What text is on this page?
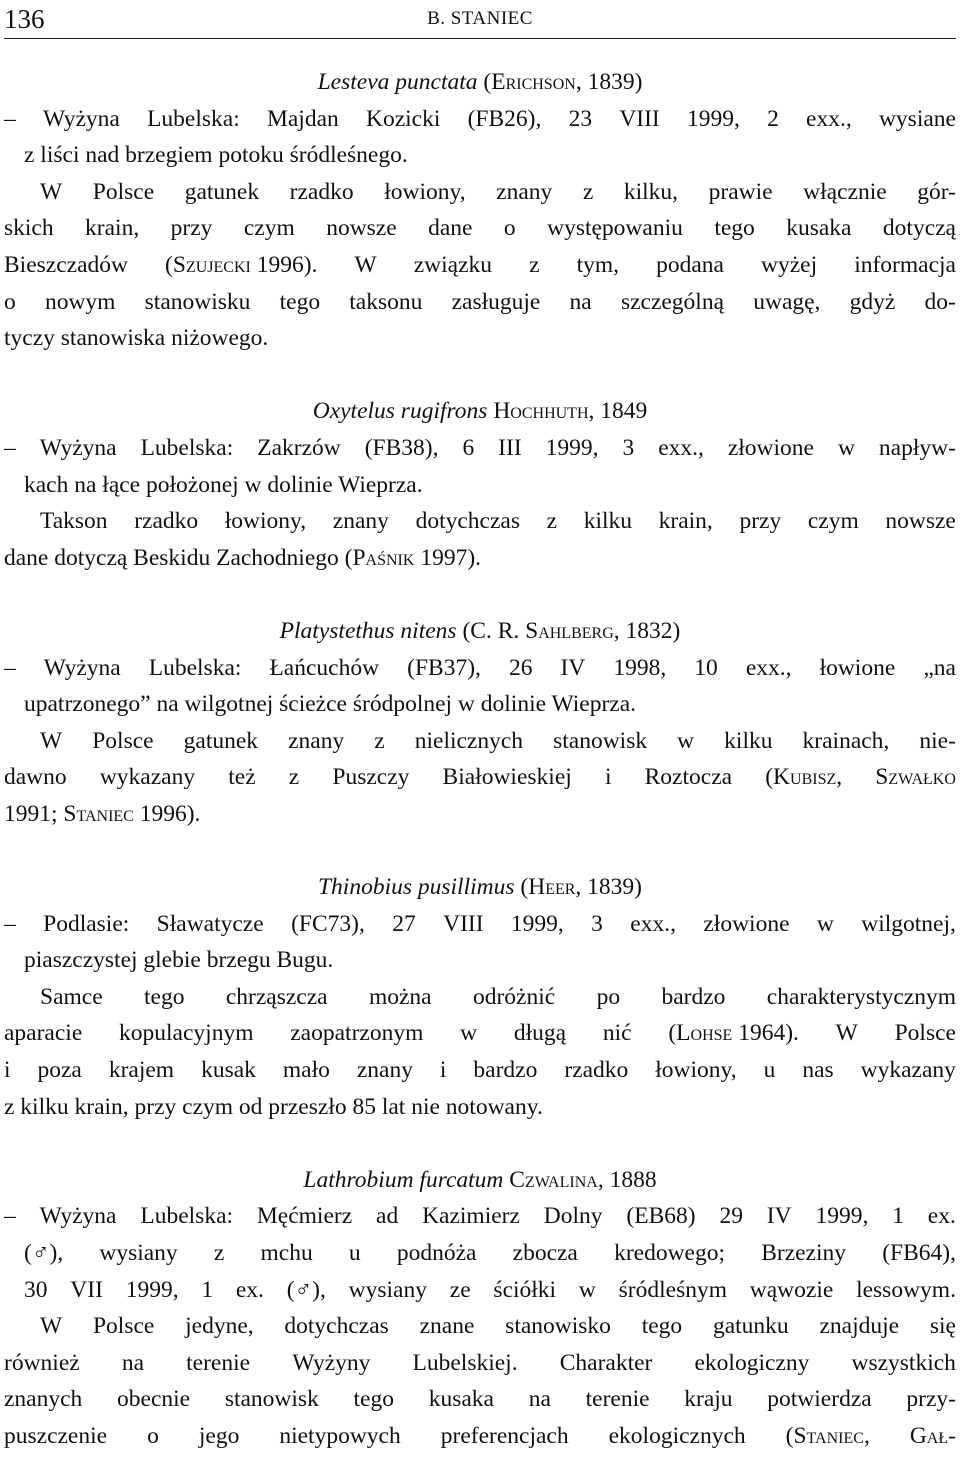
136	B. STANIEC
Lesteva punctata ( Erichson , 1839)
– Wyżyna Lubelska: Majdan Kozicki (FB26), 23 VIII 1999, 2 exx., wysiane
z liści nad brzegiem potoku śródleśnego.
W Polsce gatunek rzadko łowiony, znany z kilku, prawie włącznie gór-
skich krain, przy czym nowsze dane o występowaniu tego kusaka dotyczą
Bieszczadów (Szujecki 1996). W związku z tym, podana wyżej informacja
o nowym stanowisku tego taksonu zasługuje na szczególną uwagę, gdyż do-
tyczy stanowiska niżowego.
Oxytelus rugifrons
Hochhuth , 1849
– Wyżyna Lubelska: Zakrzów (FB38), 6 III 1999, 3 exx., złowione w napływ-
kach na łące położonej w dolinie Wieprza.
Takson rzadko łowiony, znany dotychczas z kilku krain, przy czym nowsze
dane dotyczą Beskidu Zachodniego ( Paśnik 1997).
Platystethus nitens (C. R. Sahlberg , 1832)
– Wyżyna Lubelska: Łańcuchów (FB37), 26 IV 1998, 10 exx., łowione „na
upatrzonego” na wilgotnej ścieżce śródpolnej w dolinie Wieprza.
W Polsce gatunek znany z nielicznych stanowisk w kilku krainach, nie-
dawno wykazany też z Puszczy Białowieskiej i Roztocza (Kubisz, Szwałko
1991; Staniec 1996).
Thinobius pusillimus ( Heer , 1839)
– Podlasie: Sławatycze (FC73), 27 VIII 1999, 3 exx., złowione w wilgotnej,
piaszczystej glebie brzegu Bugu.
Samce tego chrząszcza można odróżnić po bardzo charakterystycznym
aparacie kopulacyjnym zaopatrzonym w długą nić (Lohse 1964). W Polsce
i poza krajem kusak mało znany i bardzo rzadko łowiony, u nas wykazany
z kilku krain, przy czym od przeszło 85 lat nie notowany.
Lathrobium furcatum
Czwalina , 1888
– Wyżyna Lubelska: Męćmierz ad Kazimierz Dolny (EB68) 29 IV 1999, 1 ex.
(♂), wysiany z mchu u podnóża zbocza kredowego; Brzeziny (FB64),
30 VII 1999, 1 ex. (♂), wysiany ze ściółki w śródleśnym wąwozie lessowym.
W Polsce jedyne, dotychczas znane stanowisko tego gatunku znajduje się
również na terenie Wyżyny Lubelskiej. Charakter ekologiczny wszystkich
znanych obecnie stanowisk tego kusaka na terenie kraju potwierdza przy-
puszczenie o jego nietypowych preferencjach ekologicznych (Staniec, Gał-
